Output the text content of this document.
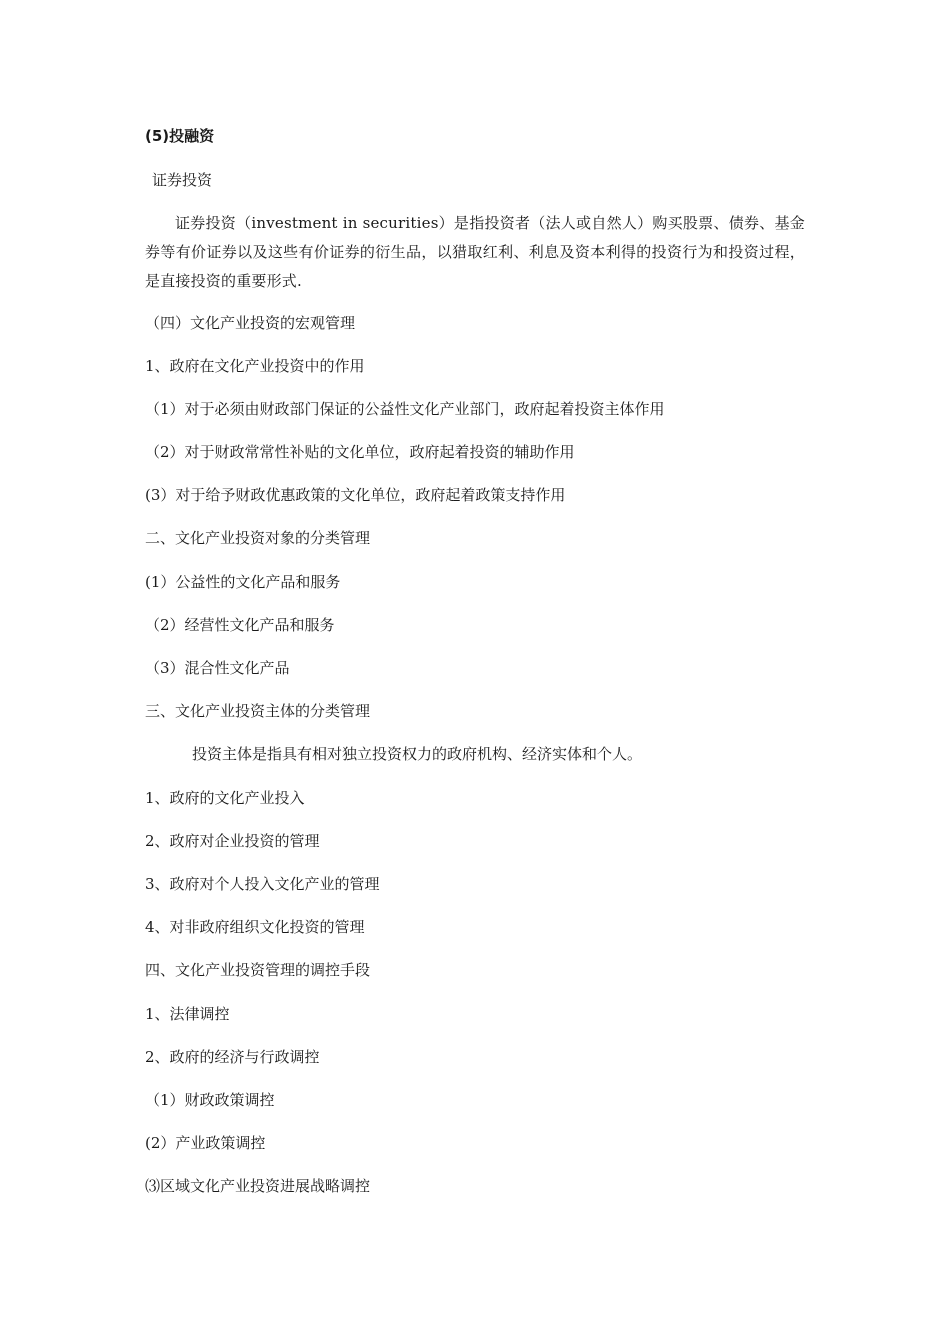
(5)投融资
证券投资
证券投资（investment in securities）是指投资者（法人或自然人）购买股票、债券、基金券等有价证券以及这些有价证券的衍生品，以猎取红利、利息及资本利得的投资行为和投资过程，是直接投资的重要形式.
（四）文化产业投资的宏观管理
1、政府在文化产业投资中的作用
（1）对于必须由财政部门保证的公益性文化产业部门，政府起着投资主体作用
（2）对于财政常常性补贴的文化单位，政府起着投资的辅助作用
(3）对于给予财政优惠政策的文化单位，政府起着政策支持作用
二、文化产业投资对象的分类管理
(1）公益性的文化产品和服务
（2）经营性文化产品和服务
（3）混合性文化产品
三、文化产业投资主体的分类管理
投资主体是指具有相对独立投资权力的政府机构、经济实体和个人。
1、政府的文化产业投入
2、政府对企业投资的管理
3、政府对个人投入文化产业的管理
4、对非政府组织文化投资的管理
四、文化产业投资管理的调控手段
1、法律调控
2、政府的经济与行政调控
（1）财政政策调控
(2）产业政策调控
⑶区域文化产业投资进展战略调控
